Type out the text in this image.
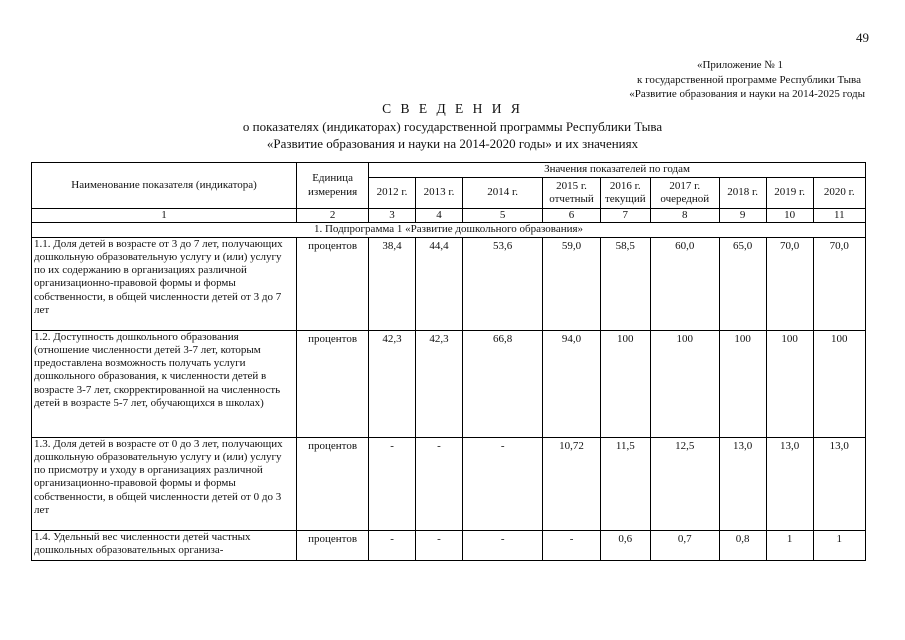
49
«Приложение № 1
к государственной программе Республики Тыва
«Развитие образования и науки на 2014-2025 годы
С В Е Д Е Н И Я
о показателях (индикаторах) государственной программы Республики Тыва
«Развитие образования и науки на 2014-2020 годы» и их значениях
Наименование показателя (индикатора)	Единица измерения	Значения показателей по годам								
		2012 г.	2013 г.	2014 г.	2015 г. отчетный	2016 г. текущий	2017 г. очередной	2018 г.	2019 г.	2020 г.
1	2	3	4	5	6	7	8	9	10	11
1. Подпрограмма 1 «Развитие дошкольного образования»										
1.1. Доля детей в возрасте от 3 до 7 лет, получающих дошкольную образовательную услугу и (или) услугу по их содержанию в организациях различной организационно-правовой формы и формы собственности, в общей численности детей от 3 до 7 лет	процентов	38,4	44,4	53,6	59,0	58,5	60,0	65,0	70,0	70,0
1.2. Доступность дошкольного образования (отношение численности детей 3-7 лет, которым предоставлена возможность получать услуги дошкольного образования, к численности детей в возрасте 3-7 лет, скорректированной на численность детей в возрасте 5-7 лет, обучающихся в школах)	процентов	42,3	42,3	66,8	94,0	100	100	100	100	100
1.3. Доля детей в возрасте от 0 до 3 лет, получающих дошкольную образовательную услугу и (или) услугу по присмотру и уходу в организациях различной организационно-правовой формы и формы собственности, в общей численности детей от 0 до 3 лет	процентов	-	-	-	10,72	11,5	12,5	13,0	13,0	13,0
1.4. Удельный вес численности детей частных дошкольных образовательных организа-	процентов	-	-	-	-	0,6	0,7	0,8	1	1
